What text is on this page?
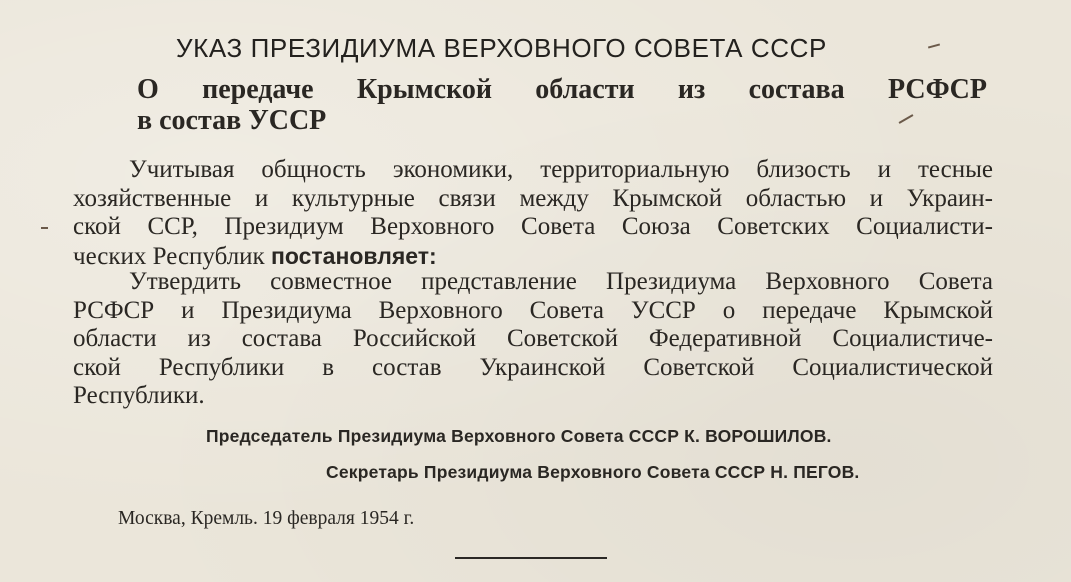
УКАЗ ПРЕЗИДИУМА ВЕРХОВНОГО СОВЕТА СССР
О передаче Крымской области из состава РСФСР
в состав УССР
Учитывая общность экономики, территориальную близость и тесные
хозяйственные и культурные связи между Крымской областью и Украин-
ской ССР, Президиум Верховного Совета Союза Советских Социалисти-
ческих Республик постановляет:
Утвердить совместное представление Президиума Верховного Совета
РСФСР и Президиума Верховного Совета УССР о передаче Крымской
области из состава Российской Советской Федеративной Социалистиче-
ской Республики в состав Украинской Советской Социалистической
Республики.
Председатель Президиума Верховного Совета СССР К. ВОРОШИЛОВ.
Секретарь Президиума Верховного Совета СССР Н. ПЕГОВ.
Москва, Кремль. 19 февраля 1954 г.
